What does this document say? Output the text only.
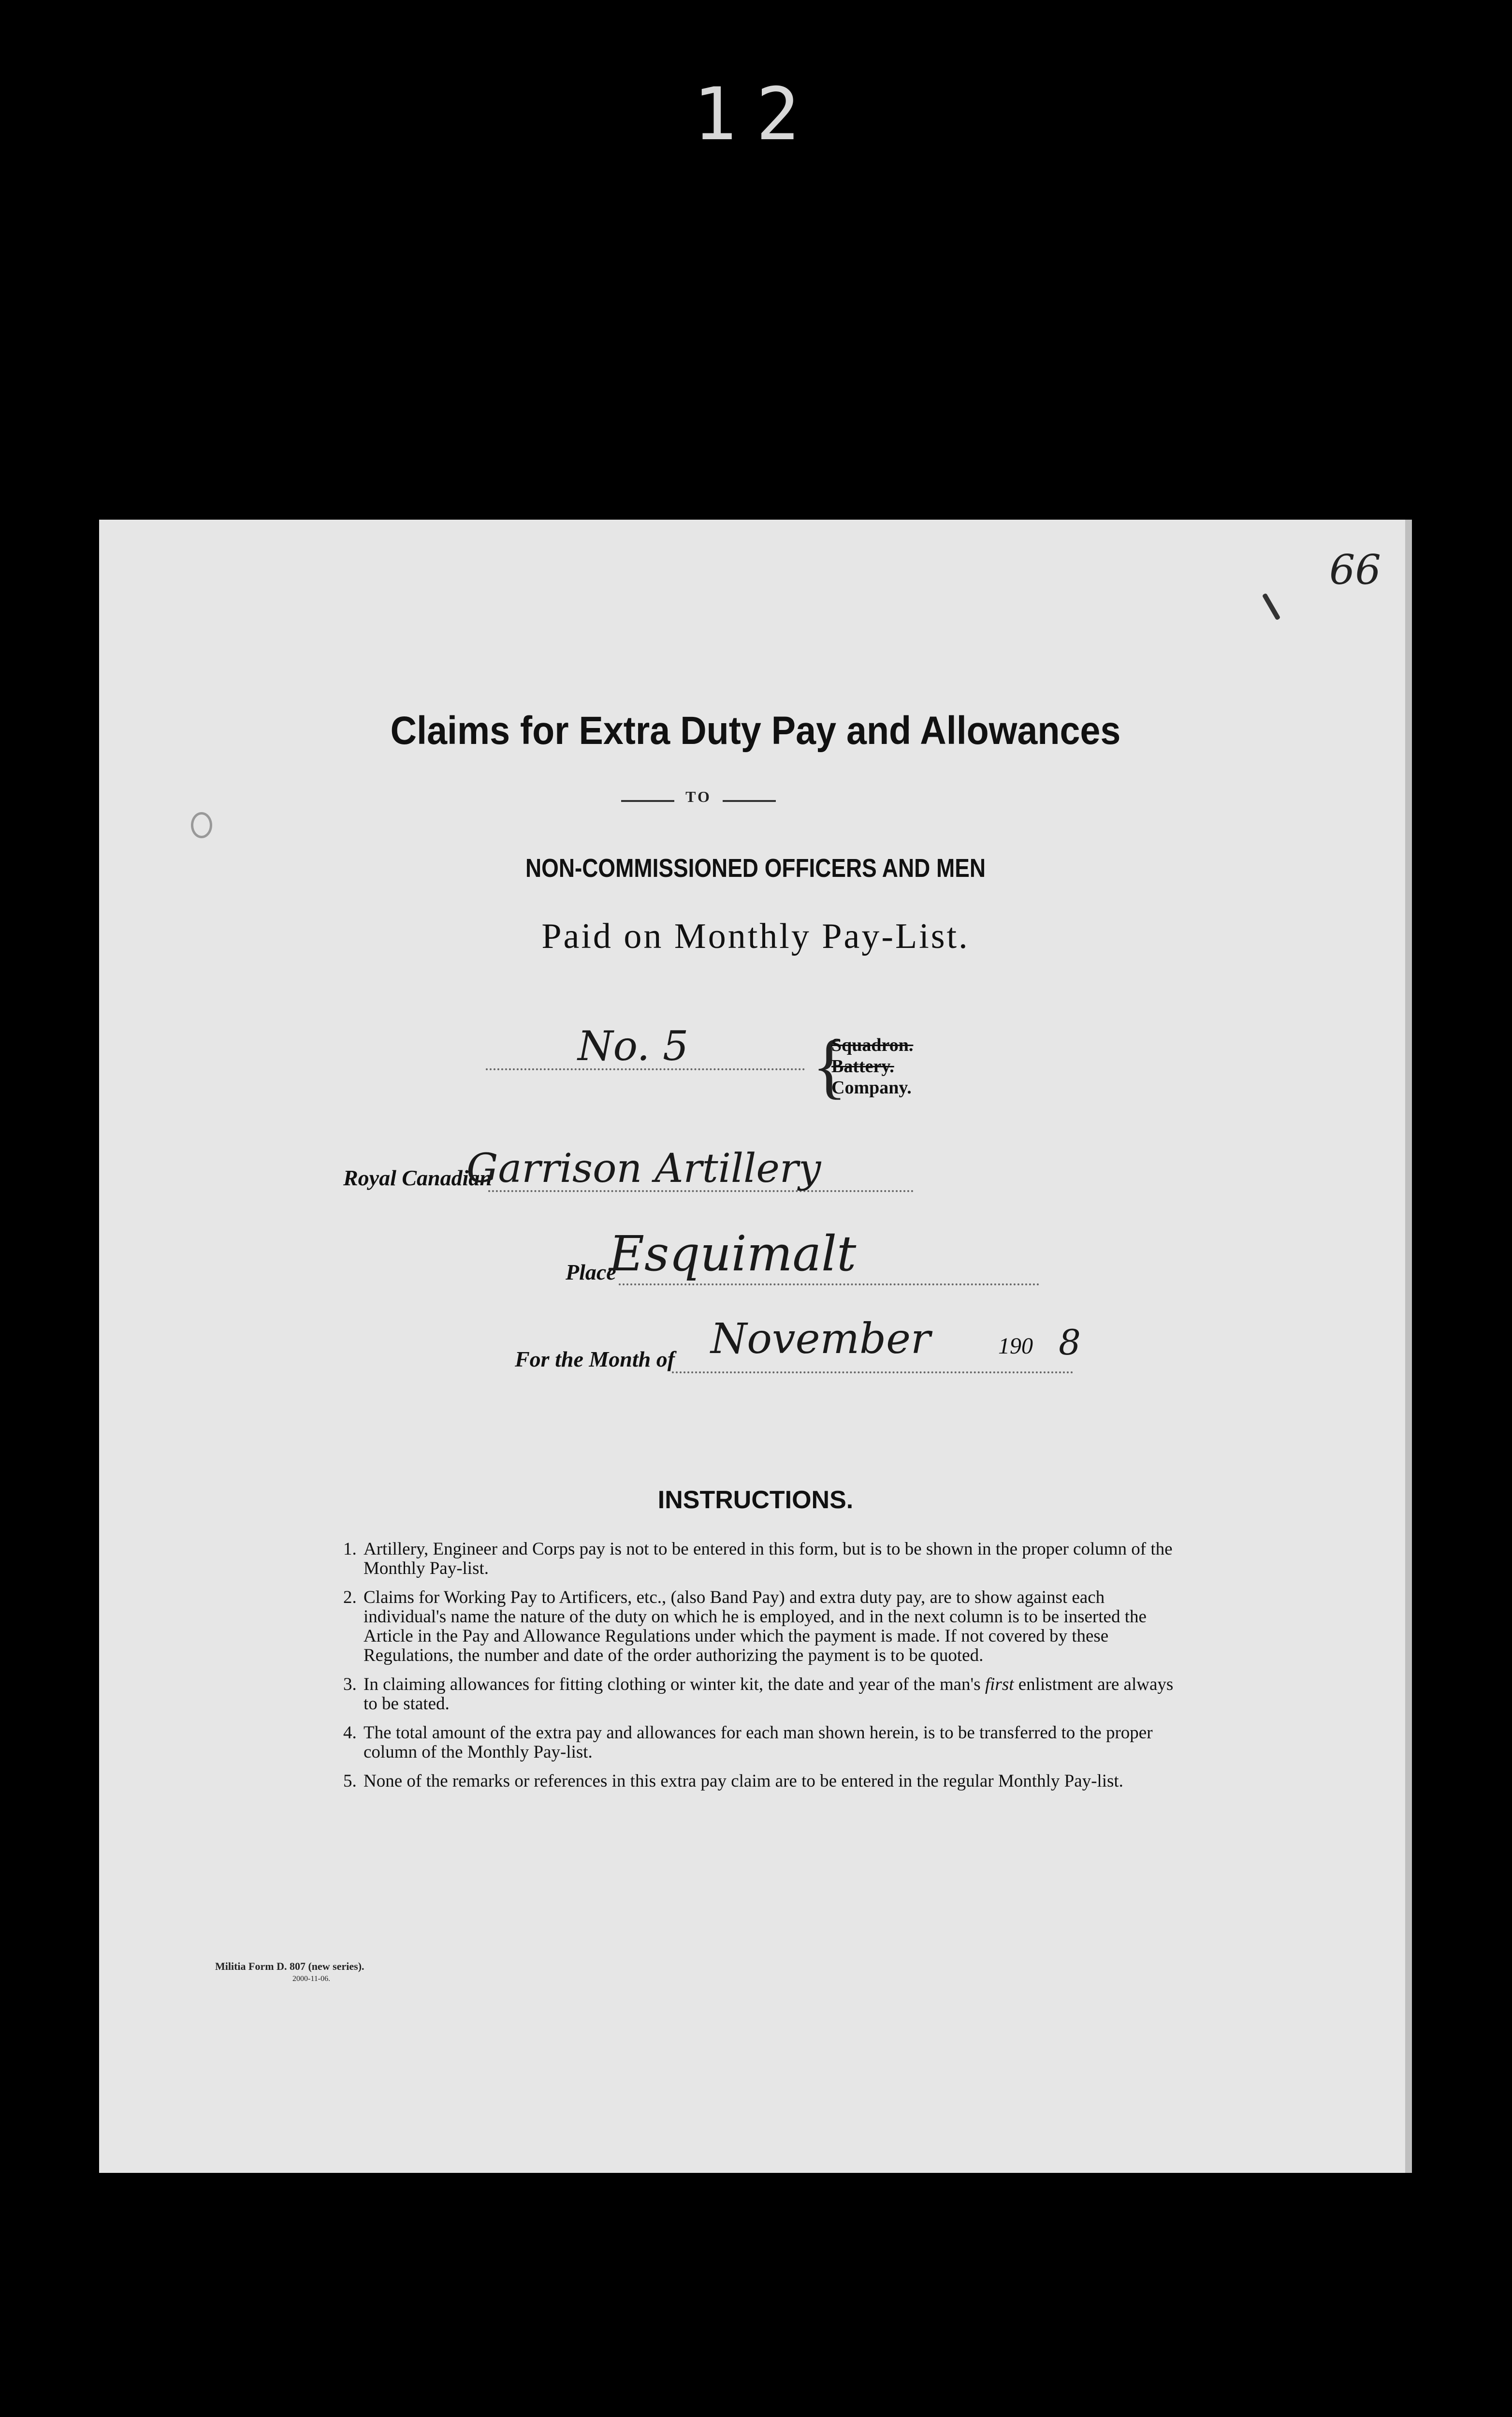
12
66
Claims for Extra Duty Pay and Allowances
TO
NON-COMMISSIONED OFFICERS AND MEN
Paid on Monthly Pay-List.
No. 5 {
Squadron.
Battery.
Company.
Royal Canadian
Garrison Artillery
Place
Esquimalt
For the Month of November	190 8
INSTRUCTIONS.
1. Artillery, Engineer and Corps pay is not to be entered in this form, but is to be shown in the proper column of the Monthly Pay-list.
2. Claims for Working Pay to Artificers, etc., (also Band Pay) and extra duty pay, are to show against each individual's name the nature of the duty on which he is employed, and in the next column is to be inserted the Article in the Pay and Allowance Regulations under which the payment is made. If not covered by these Regulations, the number and date of the order authorizing the payment is to be quoted.
3. In claiming allowances for fitting clothing or winter kit, the date and year of the man's first enlistment are always to be stated.
4. The total amount of the extra pay and allowances for each man shown herein, is to be transferred to the proper column of the Monthly Pay-list.
5. None of the remarks or references in this extra pay claim are to be entered in the regular Monthly Pay-list.
Militia Form D. 807 (new series).
2000-11-06.
